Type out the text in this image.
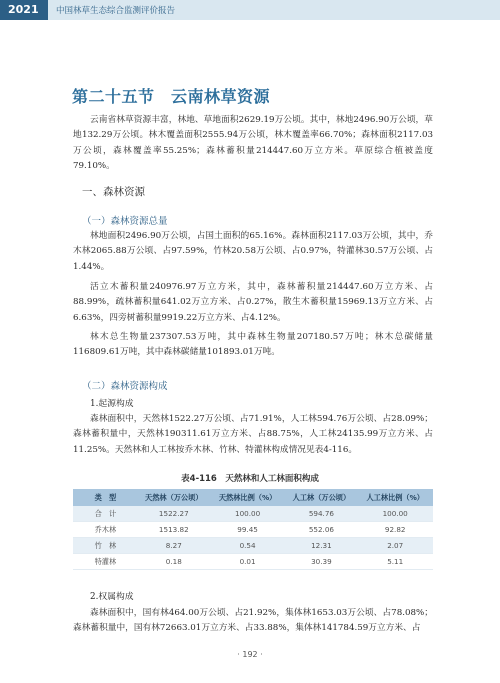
2021 中国林草生态综合监测评价报告
第二十五节　云南林草资源

云南省林草资源丰富，林地、草地面积2629.19万公顷。其中，林地2496.90万公顷，草地132.29万公顷。林木覆盖面积2555.94万公顷，林木覆盖率66.70%；森林面积2117.03万公顷，森林覆盖率55.25%；森林蓄积量214447.60万立方米。草原综合植被盖度79.10%。

一、森林资源
（一）森林资源总量

林地面积2496.90万公顷，占国土面积的65.16%。森林面积2117.03万公顷，其中，乔木林2065.88万公顷、占97.59%，竹林20.58万公顷、占0.97%，特灌林30.57万公顷、占1.44%。

活立木蓄积量240976.97万立方米，其中，森林蓄积量214447.60万立方米、占88.99%，疏林蓄积量641.02万立方米、占0.27%，散生木蓄积量15969.13万立方米、占6.63%，四旁树蓄积量9919.22万立方米、占4.12%。

林木总生物量237307.53万吨，其中森林生物量207180.57万吨；林木总碳储量116809.61万吨，其中森林碳储量101893.01万吨。

（二）森林资源构成
1.起源构成

森林面积中，天然林1522.27万公顷、占71.91%，人工林594.76万公顷、占28.09%；森林蓄积量中，天然林190311.61万立方米、占88.75%，人工林24135.99万立方米、占11.25%。天然林和人工林按乔木林、竹林、特灌林构成情况见表4-116。

表4-116　天然林和人工林面积构成
类　型	天然林（万公顷）	天然林比例（%）	人工林（万公顷）	人工林比例（%）
合　计	1522.27	100.00	594.76	100.00
乔木林	1513.82	99.45	552.06	92.82
竹　林	8.27	0.54	12.31	2.07
特灌林	0.18	0.01	30.39	5.11
2.权属构成

森林面积中，国有林464.00万公顷、占21.92%，集体林1653.03万公顷、占78.08%；森林蓄积量中，国有林72663.01万立方米、占33.88%，集体林141784.59万立方米、占

· 192 ·
